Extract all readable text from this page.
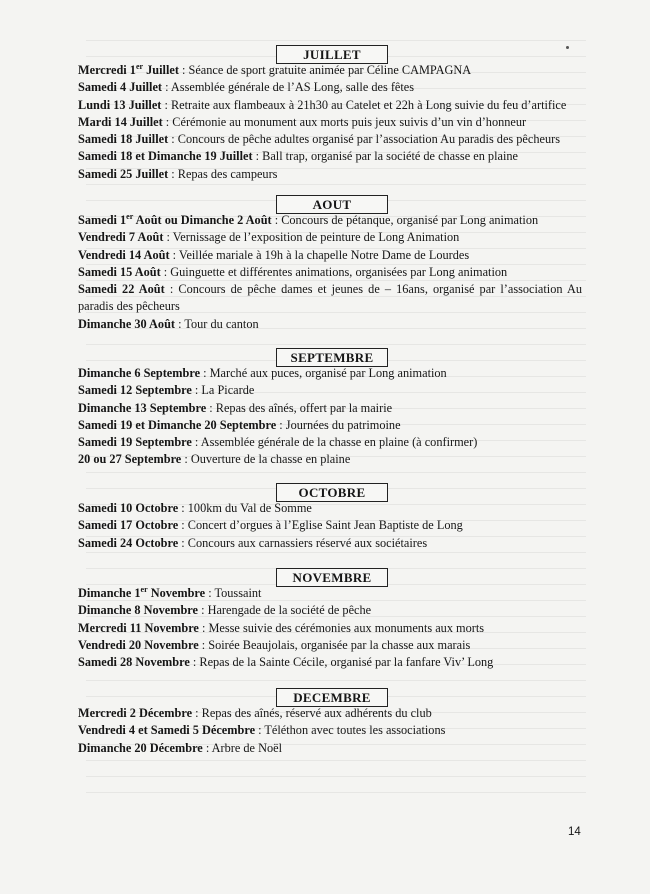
JUILLET
Mercredi 1er Juillet : Séance de sport gratuite animée par Céline CAMPAGNA
Samedi 4 Juillet : Assemblée générale de l’AS Long, salle des fêtes
Lundi 13 Juillet : Retraite aux flambeaux à 21h30 au Catelet et 22h à Long suivie du feu d’artifice
Mardi 14 Juillet : Cérémonie au monument aux morts puis jeux suivis d’un vin d’honneur
Samedi 18 Juillet : Concours de pêche adultes organisé par l’association Au paradis des pêcheurs
Samedi 18 et Dimanche 19 Juillet : Ball trap, organisé par la société de chasse en plaine
Samedi 25 Juillet : Repas des campeurs
AOUT
Samedi 1er Août ou Dimanche 2 Août : Concours de pétanque, organisé par Long animation
Vendredi 7 Août : Vernissage de l’exposition de peinture de Long Animation
Vendredi 14 Août : Veillée mariale à 19h à la chapelle Notre Dame de Lourdes
Samedi 15 Août : Guinguette et différentes animations, organisées par Long animation
Samedi 22 Août : Concours de pêche dames et jeunes de – 16ans, organisé par l’association Au paradis des pêcheurs
Dimanche 30 Août : Tour du canton
SEPTEMBRE
Dimanche 6 Septembre : Marché aux puces, organisé par Long animation
Samedi 12 Septembre : La Picarde
Dimanche 13 Septembre : Repas des aînés, offert par la mairie
Samedi 19 et Dimanche 20 Septembre : Journées du patrimoine
Samedi 19 Septembre : Assemblée générale de la chasse en plaine (à confirmer)
20 ou 27 Septembre : Ouverture de la chasse en plaine
OCTOBRE
Samedi 10 Octobre : 100km du Val de Somme
Samedi 17 Octobre : Concert d’orgues à l’Eglise Saint Jean Baptiste de Long
Samedi 24 Octobre : Concours aux carnassiers réservé aux sociétaires
NOVEMBRE
Dimanche 1er Novembre : Toussaint
Dimanche 8 Novembre : Harengade de la société de pêche
Mercredi 11 Novembre : Messe suivie des cérémonies aux monuments aux morts
Vendredi 20 Novembre : Soirée Beaujolais, organisée par la chasse aux marais
Samedi 28 Novembre : Repas de la Sainte Cécile, organisé par la fanfare Viv’ Long
DECEMBRE
Mercredi 2 Décembre : Repas des aînés, réservé aux adhérents du club
Vendredi 4 et Samedi 5 Décembre : Téléthon avec toutes les associations
Dimanche 20 Décembre : Arbre de Noël
14
